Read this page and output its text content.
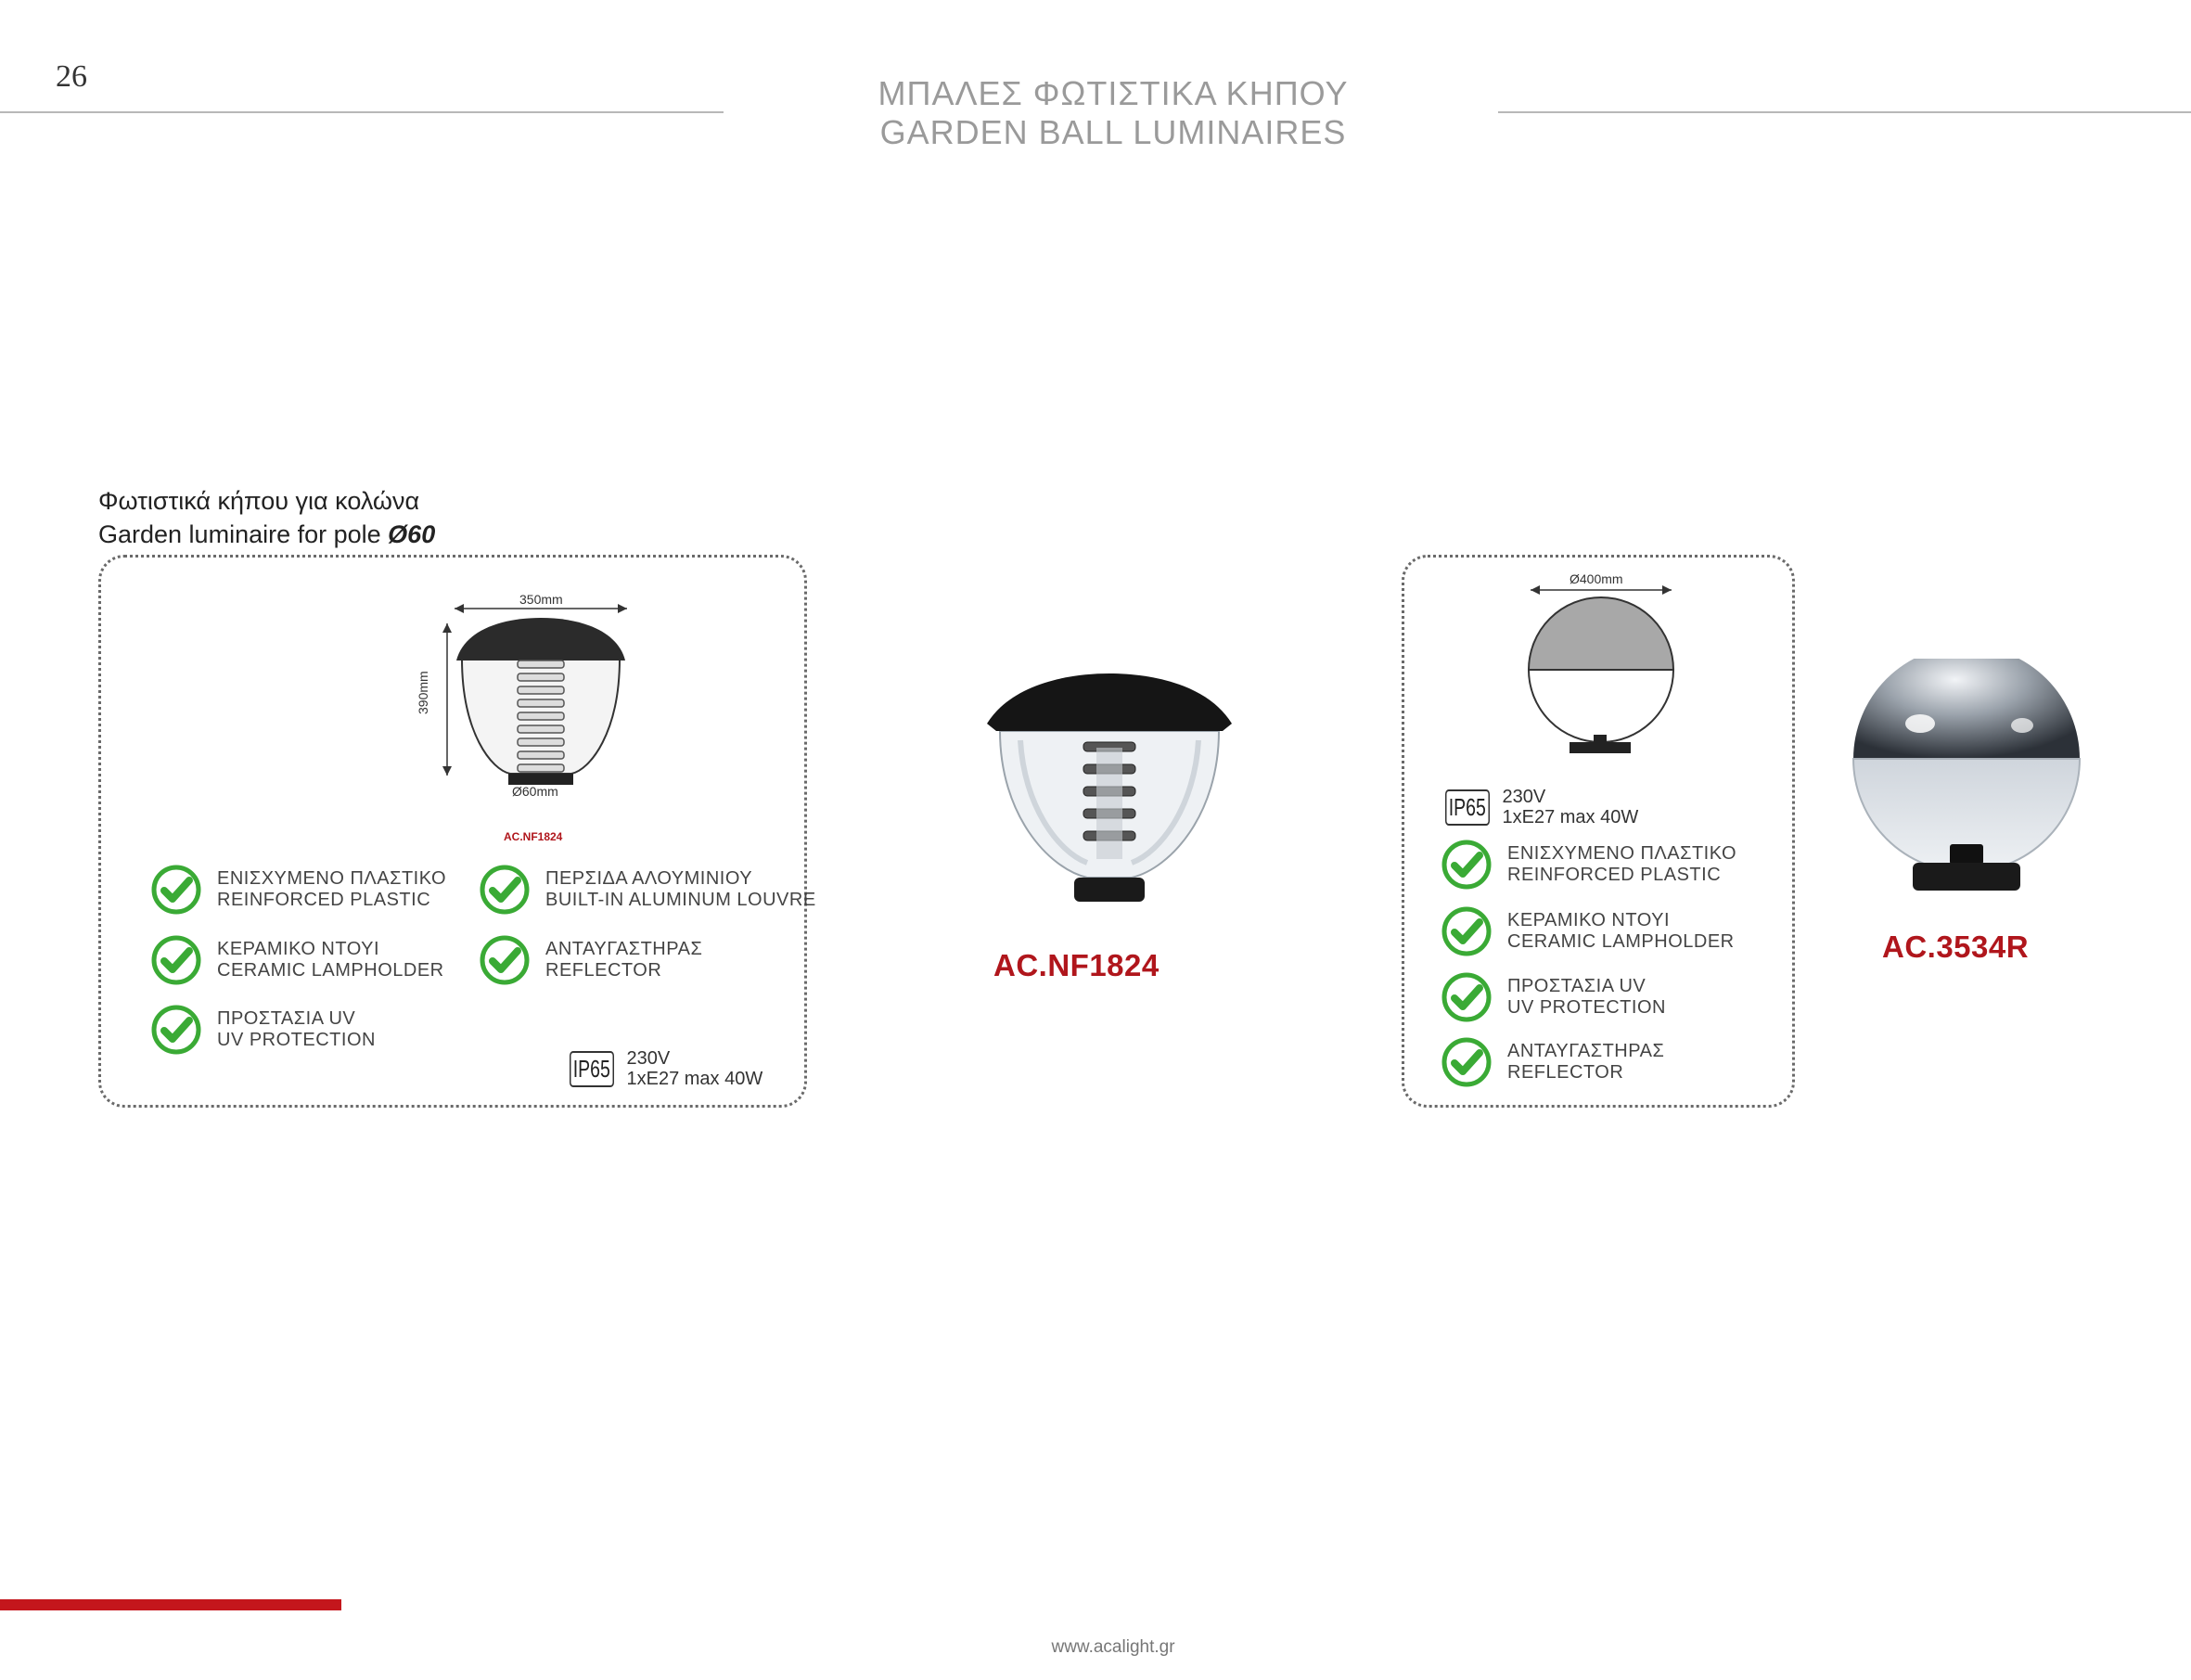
26	ΜΠΑΛΕΣ ΦΩΤΙΣΤΙΚΑ ΚΗΠΟΥ
GARDEN BALL LUMINAIRES
Φωτιστικά κήπου για κολώνα
Garden luminaire for pole Ø60
350mm
390mm
Ø60mm
AC.NF1824
ΕΝΙΣΧΥΜΕΝΟ ΠΛΑΣΤΙΚΟ
REINFORCED PLASTIC
ΠΕΡΣΙΔΑ ΑΛΟΥΜΙΝΙΟΥ
BUILT-IN ALUMINUM LOUVRE
ΚΕΡΑΜΙΚΟ ΝΤΟΥΙ
CERAMIC LAMPHOLDER
ΑΝΤΑΥΓΑΣΤΗΡΑΣ
REFLECTOR
ΠΡΟΣΤΑΣΙΑ UV
UV PROTECTION
IP65 230V
1xE27 max 40W
AC.NF1824
Ø400mm
IP65 230V
1xE27 max 40W
ΕΝΙΣΧΥΜΕΝΟ ΠΛΑΣΤΙΚΟ
REINFORCED PLASTIC
ΚΕΡΑΜΙΚΟ ΝΤΟΥΙ
CERAMIC LAMPHOLDER
ΠΡΟΣΤΑΣΙΑ UV
UV PROTECTION
ΑΝΤΑΥΓΑΣΤΗΡΑΣ
REFLECTOR
AC.3534R
www.acalight.gr
